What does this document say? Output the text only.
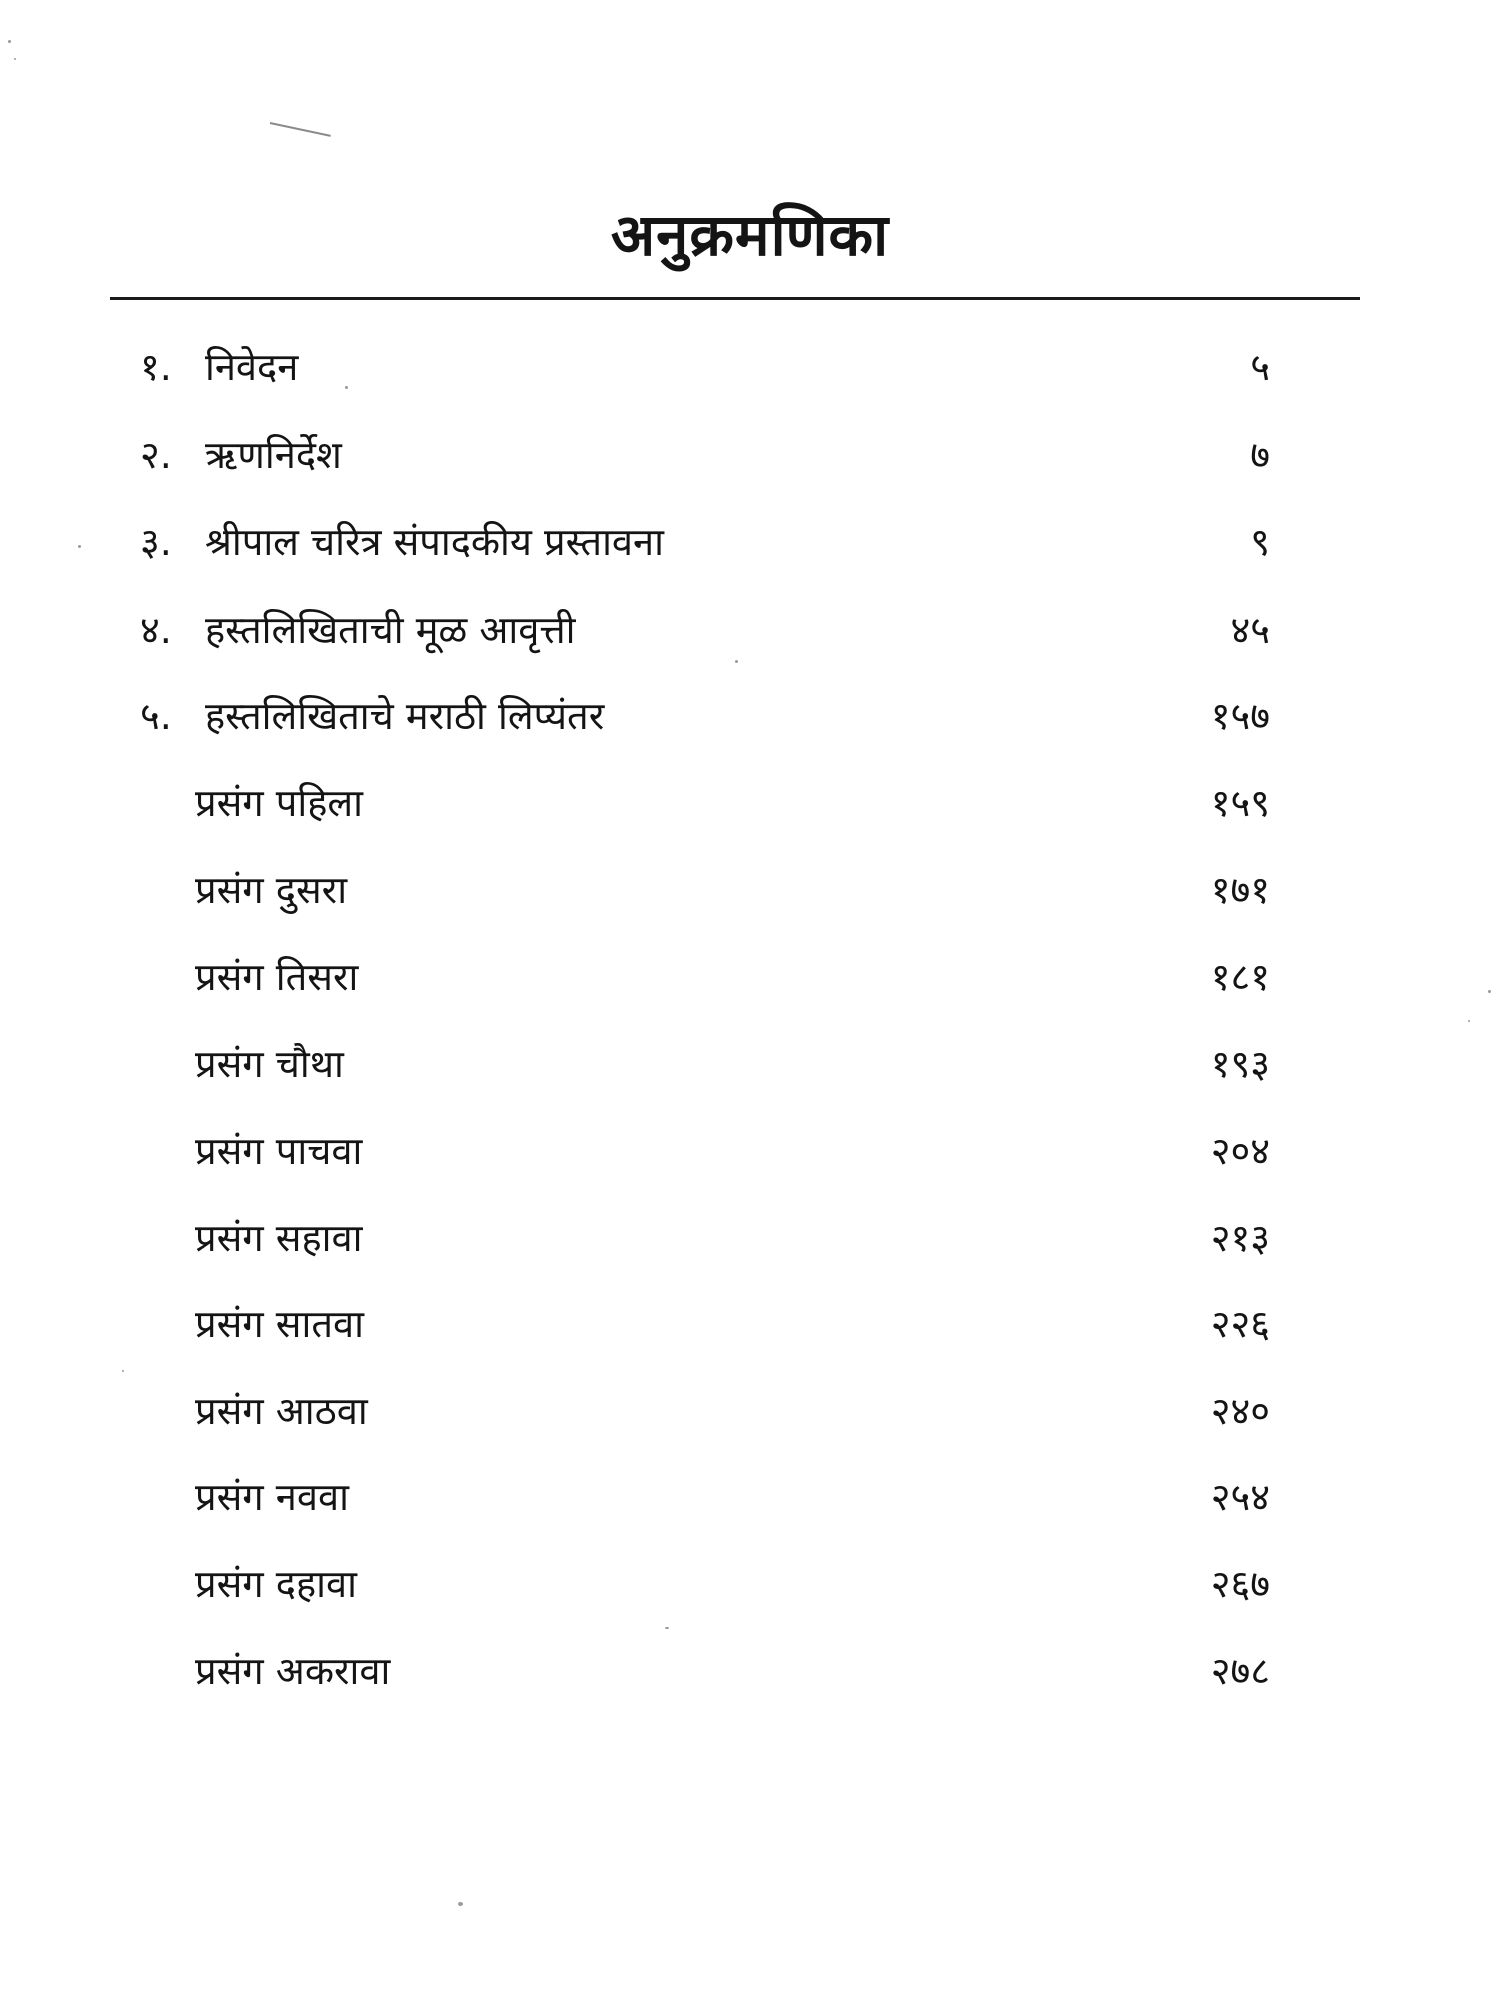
अनुक्रमणिका
१. निवेदन	५
२. ऋणनिर्देश	७
३. श्रीपाल चरित्र संपादकीय प्रस्तावना	९
४. हस्तलिखिताची मूळ आवृत्ती	४५
५. हस्तलिखिताचे मराठी लिप्यंतर	१५७
प्रसंग पहिला	१५९
प्रसंग दुसरा	१७१
प्रसंग तिसरा	१८१
प्रसंग चौथा	१९३
प्रसंग पाचवा	२०४
प्रसंग सहावा	२१३
प्रसंग सातवा	२२६
प्रसंग आठवा	२४०
प्रसंग नववा	२५४
प्रसंग दहावा	२६७
प्रसंग अकरावा	२७८
